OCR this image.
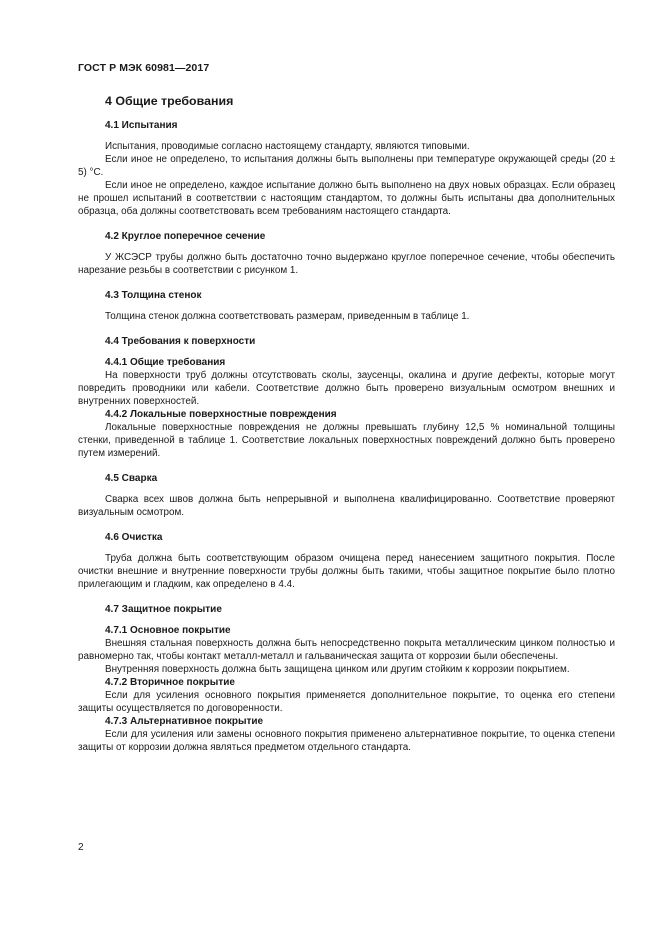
ГОСТ Р МЭК 60981—2017
4 Общие требования
4.1 Испытания

Испытания, проводимые согласно настоящему стандарту, являются типовыми.

Если иное не определено, то испытания должны быть выполнены при температуре окружающей среды (20 ± 5) °С.

Если иное не определено, каждое испытание должно быть выполнено на двух новых образцах. Если образец не прошел испытаний в соответствии с настоящим стандартом, то должны быть испытаны два дополнительных образца, оба должны соответствовать всем требованиям настоящего стандарта.

4.2 Круглое поперечное сечение

У ЖСЭСР трубы должно быть достаточно точно выдержано круглое поперечное сечение, чтобы обеспечить нарезание резьбы в соответствии с рисунком 1.

4.3 Толщина стенок

Толщина стенок должна соответствовать размерам, приведенным в таблице 1.

4.4 Требования к поверхности
4.4.1 Общие требования

На поверхности труб должны отсутствовать сколы, заусенцы, окалина и другие дефекты, которые могут повредить проводники или кабели. Соответствие должно быть проверено визуальным осмотром внешних и внутренних поверхностей.

4.4.2 Локальные поверхностные повреждения

Локальные поверхностные повреждения не должны превышать глубину 12,5 % номинальной толщины стенки, приведенной в таблице 1. Соответствие локальных поверхностных повреждений должно быть проверено путем измерений.

4.5 Сварка

Сварка всех швов должна быть непрерывной и выполнена квалифицированно. Соответствие проверяют визуальным осмотром.

4.6 Очистка

Труба должна быть соответствующим образом очищена перед нанесением защитного покрытия. После очистки внешние и внутренние поверхности трубы должны быть такими, чтобы защитное покрытие было плотно прилегающим и гладким, как определено в 4.4.

4.7 Защитное покрытие
4.7.1 Основное покрытие

Внешняя стальная поверхность должна быть непосредственно покрыта металлическим цинком полностью и равномерно так, чтобы контакт металл-металл и гальваническая защита от коррозии были обеспечены.

Внутренняя поверхность должна быть защищена цинком или другим стойким к коррозии покрытием.

4.7.2 Вторичное покрытие

Если для усиления основного покрытия применяется дополнительное покрытие, то оценка его степени защиты осуществляется по договоренности.

4.7.3 Альтернативное покрытие

Если для усиления или замены основного покрытия применено альтернативное покрытие, то оценка степени защиты от коррозии должна являться предметом отдельного стандарта.

2
